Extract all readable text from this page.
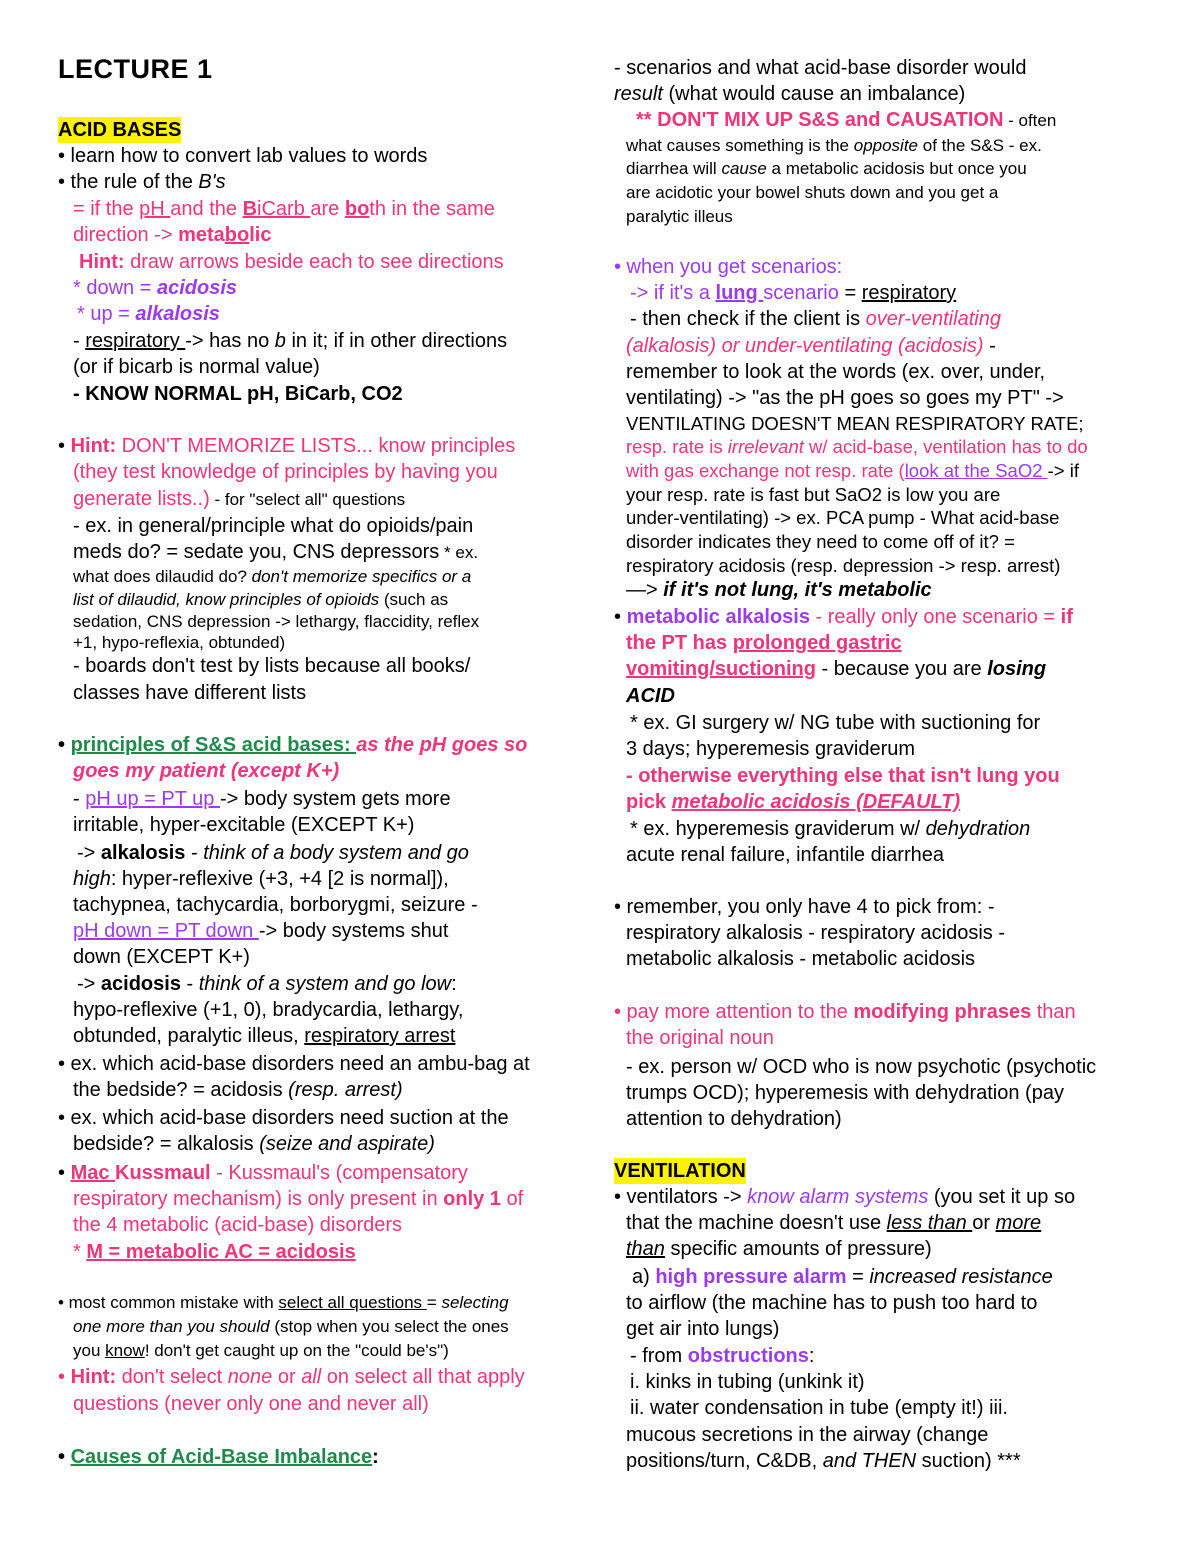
LECTURE 1
ACID BASES
• learn how to convert lab values to words
• the rule of the B's
= if the pH and the BiCarb are both in the same
direction -> metabolic
Hint: draw arrows beside each to see directions
* down = acidosis
* up = alkalosis
- respiratory -> has no b in it; if in other directions
(or if bicarb is normal value)
- KNOW NORMAL pH, BiCarb, CO2
• Hint: DON'T MEMORIZE LISTS... know principles
(they test knowledge of principles by having you
generate lists..) - for "select all" questions
- ex. in general/principle what do opioids/pain
meds do? = sedate you, CNS depressors * ex.
what does dilaudid do? don't memorize specifics or a
list of dilaudid, know principles of opioids (such as
sedation, CNS depression -> lethargy, flaccidity, reflex
+1, hypo-reflexia, obtunded)
- boards don't test by lists because all books/
classes have different lists
• principles of S&S acid bases: as the pH goes so
goes my patient (except K+)
- pH up = PT up -> body system gets more
irritable, hyper-excitable (EXCEPT K+)
-> alkalosis - think of a body system and go
high: hyper-reflexive (+3, +4 [2 is normal]),
tachypnea, tachycardia, borborygmi, seizure -
pH down = PT down -> body systems shut
down (EXCEPT K+)
-> acidosis - think of a system and go low:
hypo-reflexive (+1, 0), bradycardia, lethargy,
obtunded, paralytic illeus, respiratory arrest
• ex. which acid-base disorders need an ambu-bag at
the bedside? = acidosis (resp. arrest)
• ex. which acid-base disorders need suction at the
bedside? = alkalosis (seize and aspirate)
• Mac Kussmaul - Kussmaul's (compensatory
respiratory mechanism) is only present in only 1 of
the 4 metabolic (acid-base) disorders
* M = metabolic AC = acidosis
• most common mistake with select all questions = selecting
one more than you should (stop when you select the ones
you know! don't get caught up on the "could be's")
• Hint: don't select none or all on select all that apply
questions (never only one and never all)
• Causes of Acid-Base Imbalance:
- scenarios and what acid-base disorder would
result (what would cause an imbalance)
** DON'T MIX UP S&S and CAUSATION - often
what causes something is the opposite of the S&S - ex.
diarrhea will cause a metabolic acidosis but once you
are acidotic your bowel shuts down and you get a
paralytic illeus
• when you get scenarios:
-> if it's a lung scenario = respiratory
- then check if the client is over-ventilating
(alkalosis) or under-ventilating (acidosis) -
remember to look at the words (ex. over, under,
ventilating) -> "as the pH goes so goes my PT" ->
VENTILATING DOESN'T MEAN RESPIRATORY RATE;
resp. rate is irrelevant w/ acid-base, ventilation has to do
with gas exchange not resp. rate (look at the SaO2 -> if
your resp. rate is fast but SaO2 is low you are
under-ventilating) -> ex. PCA pump - What acid-base
disorder indicates they need to come off of it? =
respiratory acidosis (resp. depression -> resp. arrest)
—> if it's not lung, it's metabolic
• metabolic alkalosis - really only one scenario = if
the PT has prolonged gastric
vomiting/suctioning - because you are losing
ACID
* ex. GI surgery w/ NG tube with suctioning for
3 days; hyperemesis graviderum
- otherwise everything else that isn't lung you
pick metabolic acidosis (DEFAULT)
* ex. hyperemesis graviderum w/ dehydration
acute renal failure, infantile diarrhea
• remember, you only have 4 to pick from: -
respiratory alkalosis - respiratory acidosis -
metabolic alkalosis - metabolic acidosis
• pay more attention to the modifying phrases than
the original noun
- ex. person w/ OCD who is now psychotic (psychotic
trumps OCD); hyperemesis with dehydration (pay
attention to dehydration)
VENTILATION
• ventilators -> know alarm systems (you set it up so
that the machine doesn't use less than or more
than specific amounts of pressure)
a) high pressure alarm = increased resistance
to airflow (the machine has to push too hard to
get air into lungs)
- from obstructions:
i. kinks in tubing (unkink it)
ii. water condensation in tube (empty it!) iii.
mucous secretions in the airway (change
positions/turn, C&DB, and THEN suction) ***
